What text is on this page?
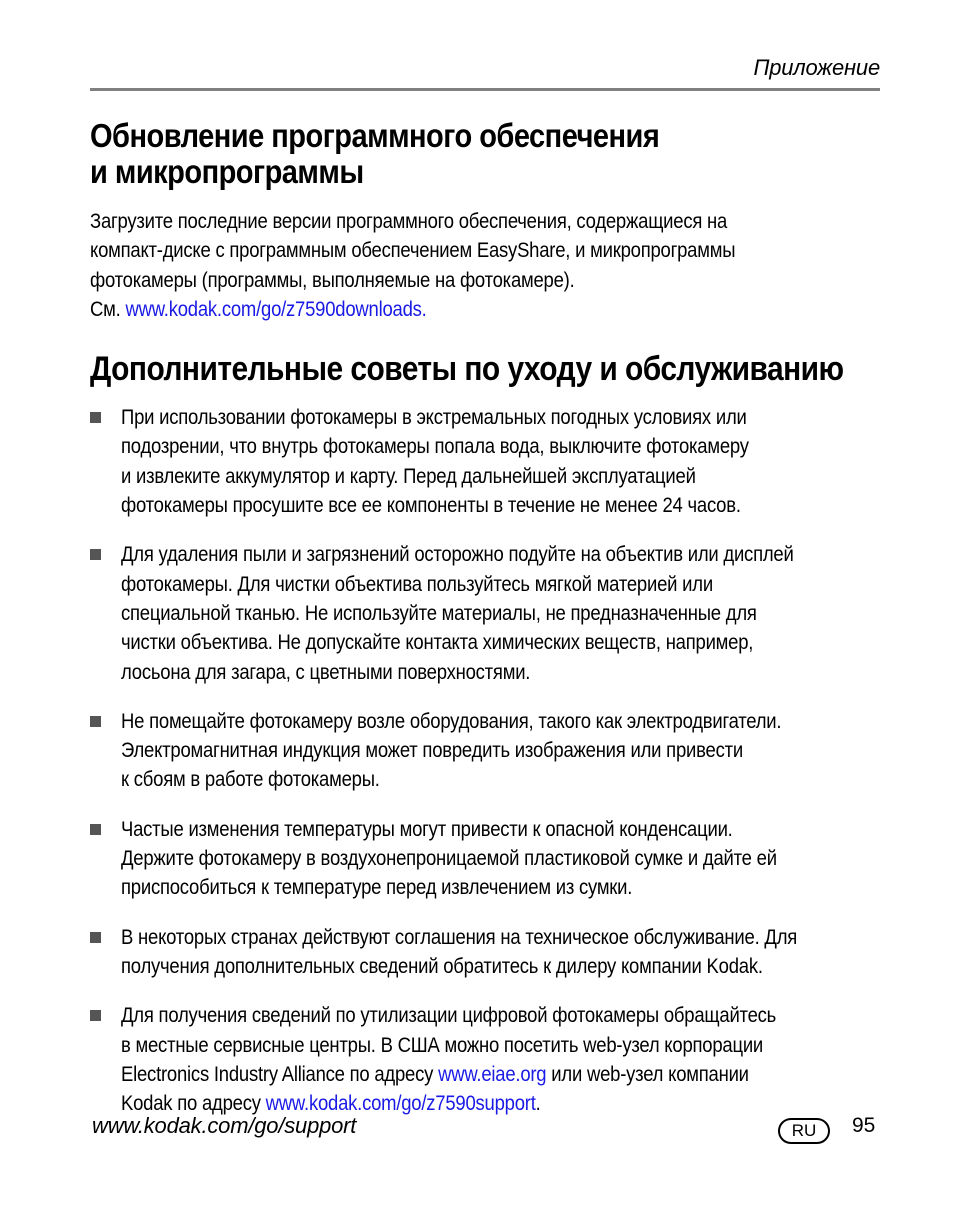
Приложение
Обновление программного обеспечения
и микропрограммы

Загрузите последние версии программного обеспечения, содержащиеся на
компакт-диске с программным обеспечением EasyShare, и микропрограммы
фотокамеры (программы, выполняемые на фотокамере).
См. www.kodak.com/go/z7590downloads.

Дополнительные советы по уходу и обслуживанию
При использовании фотокамеры в экстремальных погодных условиях или
подозрении, что внутрь фотокамеры попала вода, выключите фотокамеру
и извлеките аккумулятор и карту. Перед дальнейшей эксплуатацией
фотокамеры просушите все ее компоненты в течение не менее 24 часов.
Для удаления пыли и загрязнений осторожно подуйте на объектив или дисплей
фотокамеры. Для чистки объектива пользуйтесь мягкой материей или
специальной тканью. Не используйте материалы, не предназначенные для
чистки объектива. Не допускайте контакта химических веществ, например,
лосьона для загара, с цветными поверхностями.
Не помещайте фотокамеру возле оборудования, такого как электродвигатели.
Электромагнитная индукция может повредить изображения или привести
к сбоям в работе фотокамеры.
Частые изменения температуры могут привести к опасной конденсации.
Держите фотокамеру в воздухонепроницаемой пластиковой сумке и дайте ей
приспособиться к температуре перед извлечением из сумки.
В некоторых странах действуют соглашения на техническое обслуживание. Для
получения дополнительных сведений обратитесь к дилеру компании Kodak.
Для получения сведений по утилизации цифровой фотокамеры обращайтесь
в местные сервисные центры. В США можно посетить web-узел корпорации
Electronics Industry Alliance по адресу www.eiae.org или web-узел компании
Kodak по адресу www.kodak.com/go/z7590support.
www.kodak.com/go/support	RU	95
